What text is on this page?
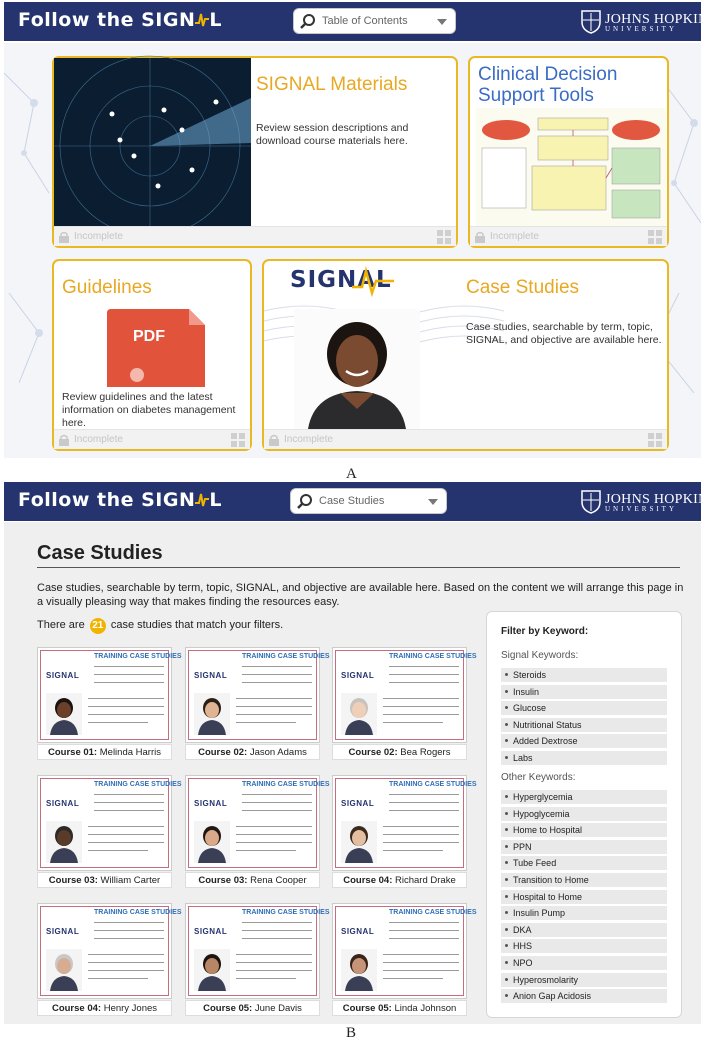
Follow the SIGN L	Table of Contents	JOHNS HOPKINS
UNIVERSITY
SIGNAL Materials
Review session descriptions and download course materials here.
Incomplete
Clinical Decision
Support Tools
Incomplete
Guidelines
PDF
Review guidelines and the latest information on diabetes management here.
Incomplete
SIGNAL	Case Studies
Case studies, searchable by term, topic, SIGNAL, and objective are available here.
Incomplete
A
Follow the SIGN L	Case Studies	JOHNS HOPKINS
UNIVERSITY
Case Studies
Case studies, searchable by term, topic, SIGNAL, and objective are available here. Based on the content we will arrange this page in a visually pleasing way that makes finding the resources easy.
There are 21 case studies that match your filters.
TRAINING CASE STUDIES
SIGNAL
Course 01: Melinda Harris
TRAINING CASE STUDIES
SIGNAL
Course 02: Jason Adams
TRAINING CASE STUDIES
SIGNAL
Course 02: Bea Rogers
TRAINING CASE STUDIES
SIGNAL
Course 03: William Carter
TRAINING CASE STUDIES
SIGNAL
Course 03: Rena Cooper
TRAINING CASE STUDIES
SIGNAL
Course 04: Richard Drake
TRAINING CASE STUDIES
SIGNAL
Course 04: Henry Jones
TRAINING CASE STUDIES
SIGNAL
Course 05: June Davis
TRAINING CASE STUDIES
SIGNAL
Course 05: Linda Johnson
Filter by Keyword:
Signal Keywords:
Steroids
Insulin
Glucose
Nutritional Status
Added Dextrose
Labs
Other Keywords:
Hyperglycemia
Hypoglycemia
Home to Hospital
PPN
Tube Feed
Transition to Home
Hospital to Home
Insulin Pump
DKA
HHS
NPO
Hyperosmolarity
Anion Gap Acidosis
B
